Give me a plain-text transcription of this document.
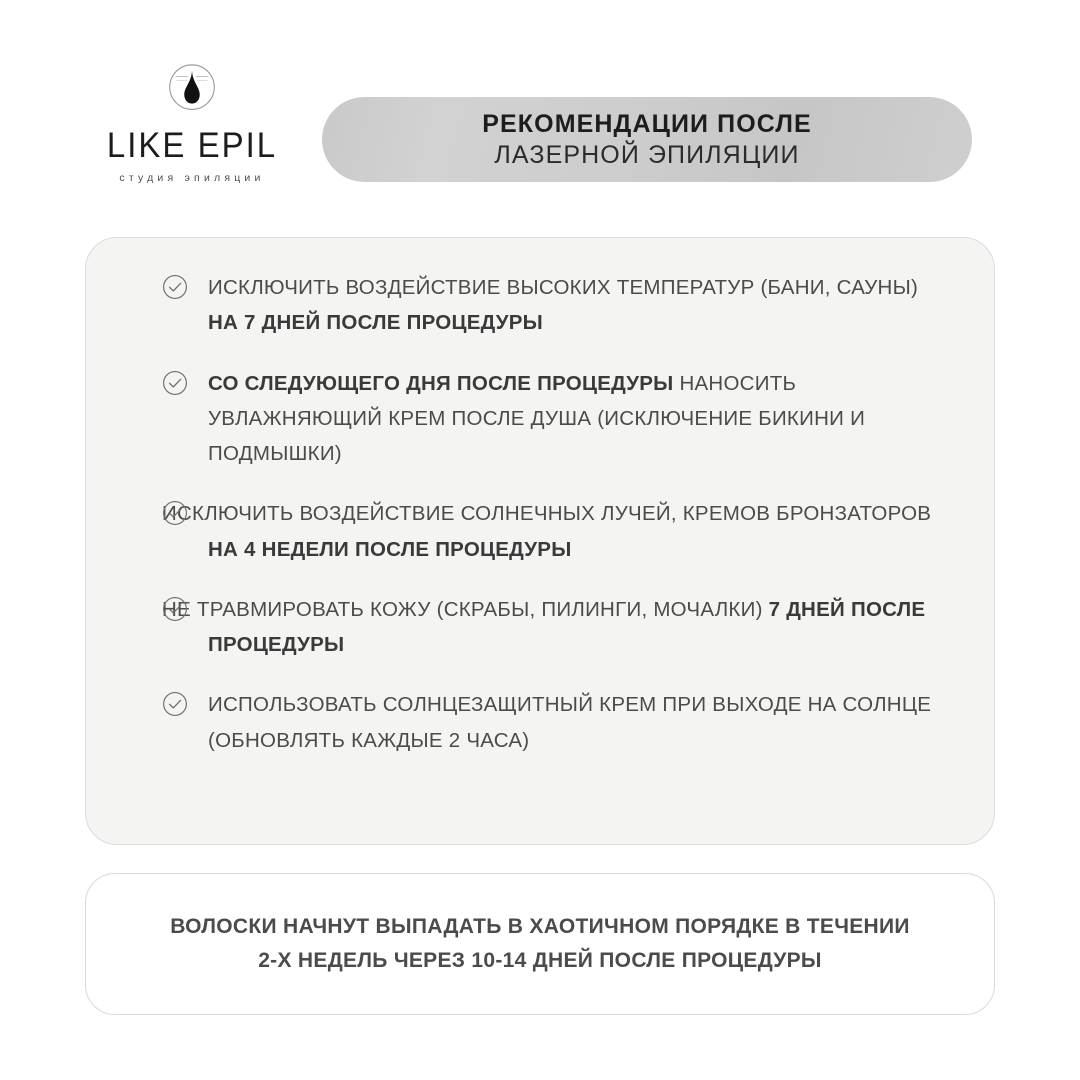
LIKE EPIL
студия эпиляции
РЕКОМЕНДАЦИИ ПОСЛЕ
ЛАЗЕРНОЙ ЭПИЛЯЦИИ
ИСКЛЮЧИТЬ ВОЗДЕЙСТВИЕ ВЫСОКИХ ТЕМПЕРАТУР (БАНИ, САУНЫ) НА 7 ДНЕЙ ПОСЛЕ ПРОЦЕДУРЫ
СО СЛЕДУЮЩЕГО ДНЯ ПОСЛЕ ПРОЦЕДУРЫ НАНОСИТЬ УВЛАЖНЯЮЩИЙ КРЕМ ПОСЛЕ ДУША (ИСКЛЮЧЕНИЕ БИКИНИ И ПОДМЫШКИ)
ИСКЛЮЧИТЬ ВОЗДЕЙСТВИЕ СОЛНЕЧНЫХ ЛУЧЕЙ, КРЕМОВ БРОНЗАТОРОВ НА 4 НЕДЕЛИ ПОСЛЕ ПРОЦЕДУРЫ
НЕ ТРАВМИРОВАТЬ КОЖУ (СКРАБЫ, ПИЛИНГИ, МОЧАЛКИ) 7 ДНЕЙ ПОСЛЕ ПРОЦЕДУРЫ
ИСПОЛЬЗОВАТЬ СОЛНЦЕЗАЩИТНЫЙ КРЕМ ПРИ ВЫХОДЕ НА СОЛНЦЕ (ОБНОВЛЯТЬ КАЖДЫЕ 2 ЧАСА)
ВОЛОСКИ НАЧНУТ ВЫПАДАТЬ В ХАОТИЧНОМ ПОРЯДКЕ В ТЕЧЕНИИ
2-Х НЕДЕЛЬ ЧЕРЕЗ 10-14 ДНЕЙ ПОСЛЕ ПРОЦЕДУРЫ
